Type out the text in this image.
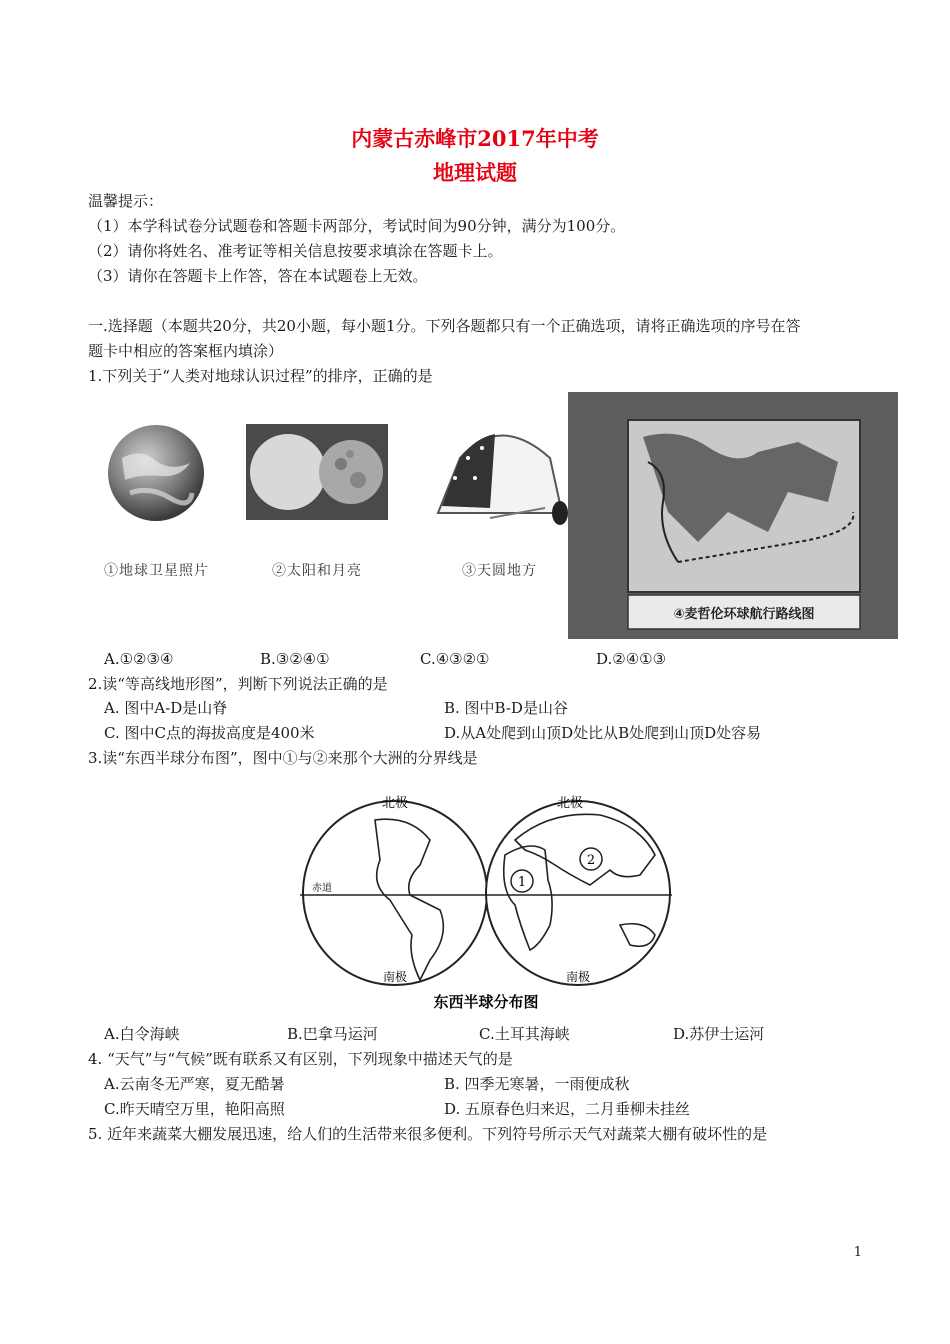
内蒙古赤峰市2017年中考
地理试题
温馨提示：
（1）本学科试卷分试题卷和答题卡两部分，考试时间为90分钟，满分为100分。
（2）请你将姓名、准考证等相关信息按要求填涂在答题卡上。
（3）请你在答题卡上作答，答在本试题卷上无效。
一.选择题（本题共20分，共20小题，每小题1分。下列各题都只有一个正确选项，请将正确选项的序号在答
题卡中相应的答案框内填涂）
1.下列关于“人类对地球认识过程”的排序，正确的是
④麦哲伦环球航行路线图
①地球卫星照片	②太阳和月亮	③天圆地方
A.①②③④	B.③②④①	C.④③②①	D.②④①③
2.读“等高线地形图”，判断下列说法正确的是
A. 图中A-D是山脊	B. 图中B-D是山谷
C. 图中C点的海拔高度是400米	D.从A处爬到山顶D处比从B处爬到山顶D处容易
3.读“东西半球分布图”，图中①与②来那个大洲的分界线是
1
2
北极	北极
赤道
南极	南极
东西半球分布图
A.白令海峡	B.巴拿马运河	C.土耳其海峡	D.苏伊士运河
4. “天气”与“气候”既有联系又有区别，下列现象中描述天气的是
A.云南冬无严寒，夏无酷暑	B. 四季无寒暑，一雨便成秋
C.昨天晴空万里，艳阳高照	D. 五原春色归来迟，二月垂柳未挂丝
5. 近年来蔬菜大棚发展迅速，给人们的生活带来很多便利。下列符号所示天气对蔬菜大棚有破坏性的是
1
